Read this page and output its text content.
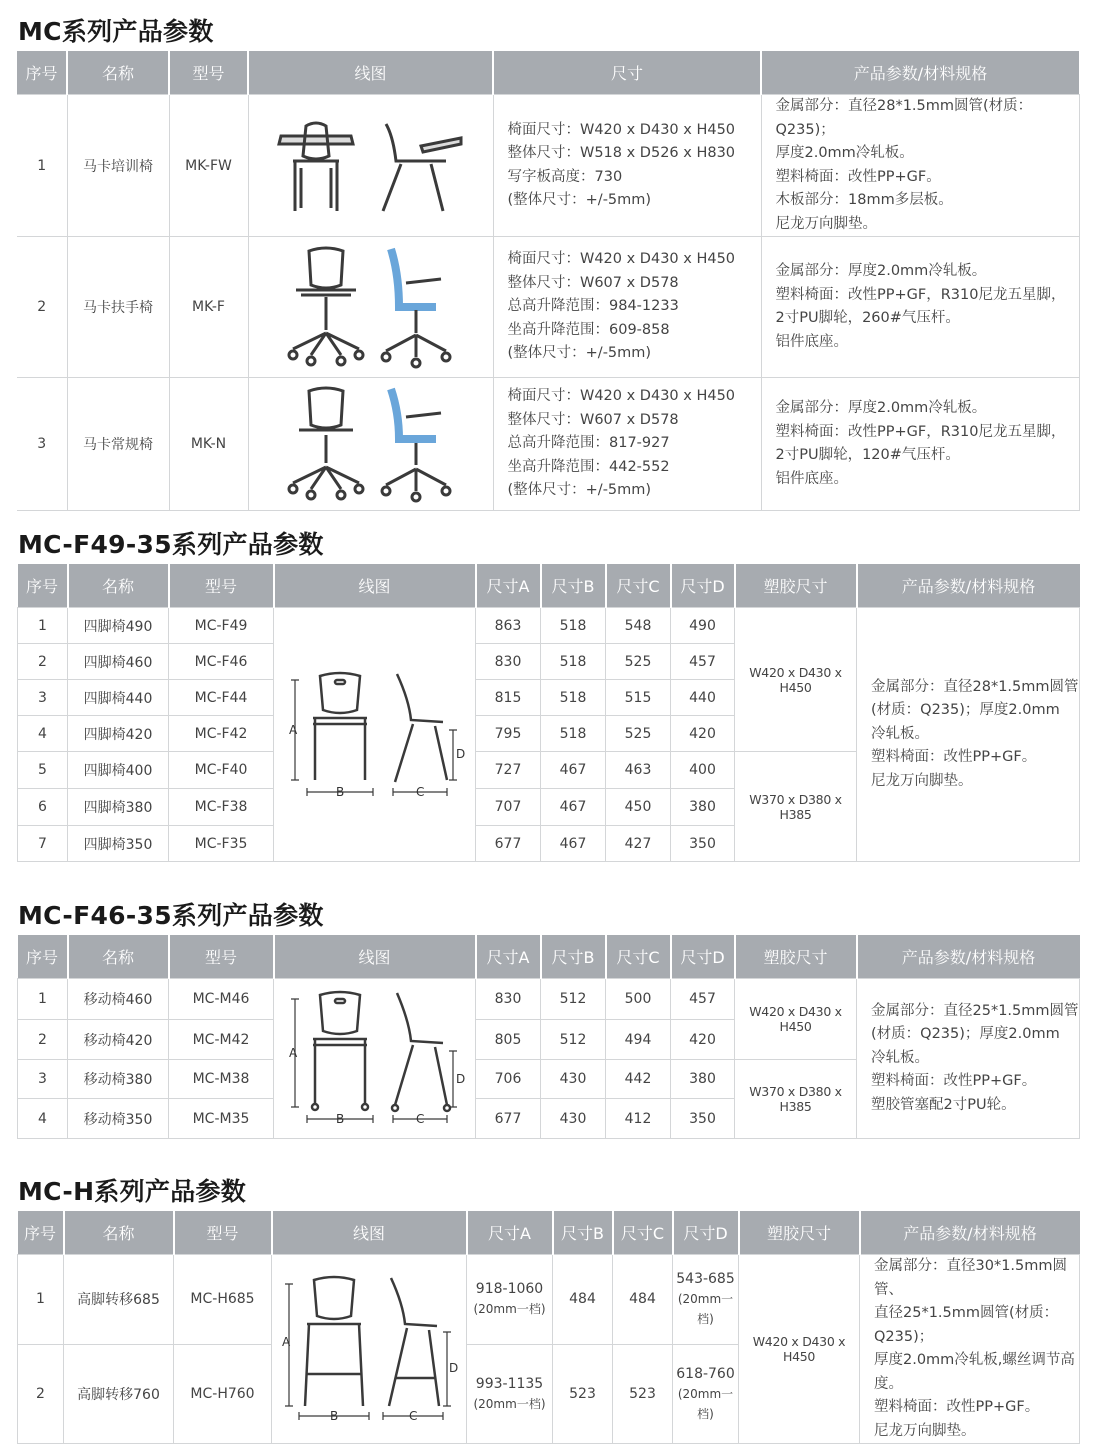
MC系列产品参数
序号	名称	型号	线图	尺寸	产品参数/材料规格
1	马卡培训椅	MK-FW		椅面尺寸：W420 x D430 x H450
整体尺寸：W518 x D526 x H830
写字板高度：730
(整体尺寸：+/-5mm)	金属部分：直径28*1.5mm圆管(材质：Q235)；
厚度2.0mm冷轧板。
塑料椅面：改性PP+GF。
木板部分：18mm多层板。
尼龙万向脚垫。

2	马卡扶手椅	MK-F		椅面尺寸：W420 x D430 x H450
整体尺寸：W607 x D578
总高升降范围：984-1233
坐高升降范围：609-858
(整体尺寸：+/-5mm)	金属部分：厚度2.0mm冷轧板。
塑料椅面：改性PP+GF，R310尼龙五星脚，
2寸PU脚轮，260#气压杆。
铝件底座。

3	马卡常规椅	MK-N		椅面尺寸：W420 x D430 x H450
整体尺寸：W607 x D578
总高升降范围：817-927
坐高升降范围：442-552
(整体尺寸：+/-5mm)	金属部分：厚度2.0mm冷轧板。
塑料椅面：改性PP+GF，R310尼龙五星脚，
2寸PU脚轮，120#气压杆。
铝件底座。
MC-F49-35系列产品参数
序号	名称	型号	线图	尺寸A	尺寸B	尺寸C	尺寸D	塑胶尺寸	产品参数/材料规格
1	四脚椅490	MC-F49	A
B C
D	863	518	548	490	W420 x D430 x H450	金属部分：直径28*1.5mm圆管
(材质：Q235)；厚度2.0mm
冷轧板。
塑料椅面：改性PP+GF。
尼龙万向脚垫。

2	四脚椅460	MC-F46		830	518	525	457		
3	四脚椅440	MC-F44		815	518	515	440		
4	四脚椅420	MC-F42		795	518	525	420		
5	四脚椅400	MC-F40		727	467	463	400	W370 x D380 x H385	
6	四脚椅380	MC-F38		707	467	450	380		
7	四脚椅350	MC-F35		677	467	427	350		
MC-F46-35系列产品参数
序号	名称	型号	线图	尺寸A	尺寸B	尺寸C	尺寸D	塑胶尺寸	产品参数/材料规格
1	移动椅460	MC-M46	A
B C
D	830	512	500	457	W420 x D430 x H450	金属部分：直径25*1.5mm圆管
(材质：Q235)；厚度2.0mm
冷轧板。
塑料椅面：改性PP+GF。
塑胶管塞配2寸PU轮。

2	移动椅420	MC-M42		805	512	494	420		
3	移动椅380	MC-M38		706	430	442	380	W370 x D380 x H385	
4	移动椅350	MC-M35		677	430	412	350		
MC-H系列产品参数
序号	名称	型号	线图	尺寸A	尺寸B	尺寸C	尺寸D	塑胶尺寸	产品参数/材料规格
1	高脚转移685	MC-H685	A
B C
D	918-1060
(20mm一档)	484	484	543-685
(20mm一档)	W420 x D430 x H450	金属部分：直径30*1.5mm圆管、
直径25*1.5mm圆管(材质：Q235)；
厚度2.0mm冷轧板,螺丝调节高度。
塑料椅面：改性PP+GF。
尼龙万向脚垫。

2	高脚转移760	MC-H760		993-1135
(20mm一档)	523	523	618-760
(20mm一档)		
